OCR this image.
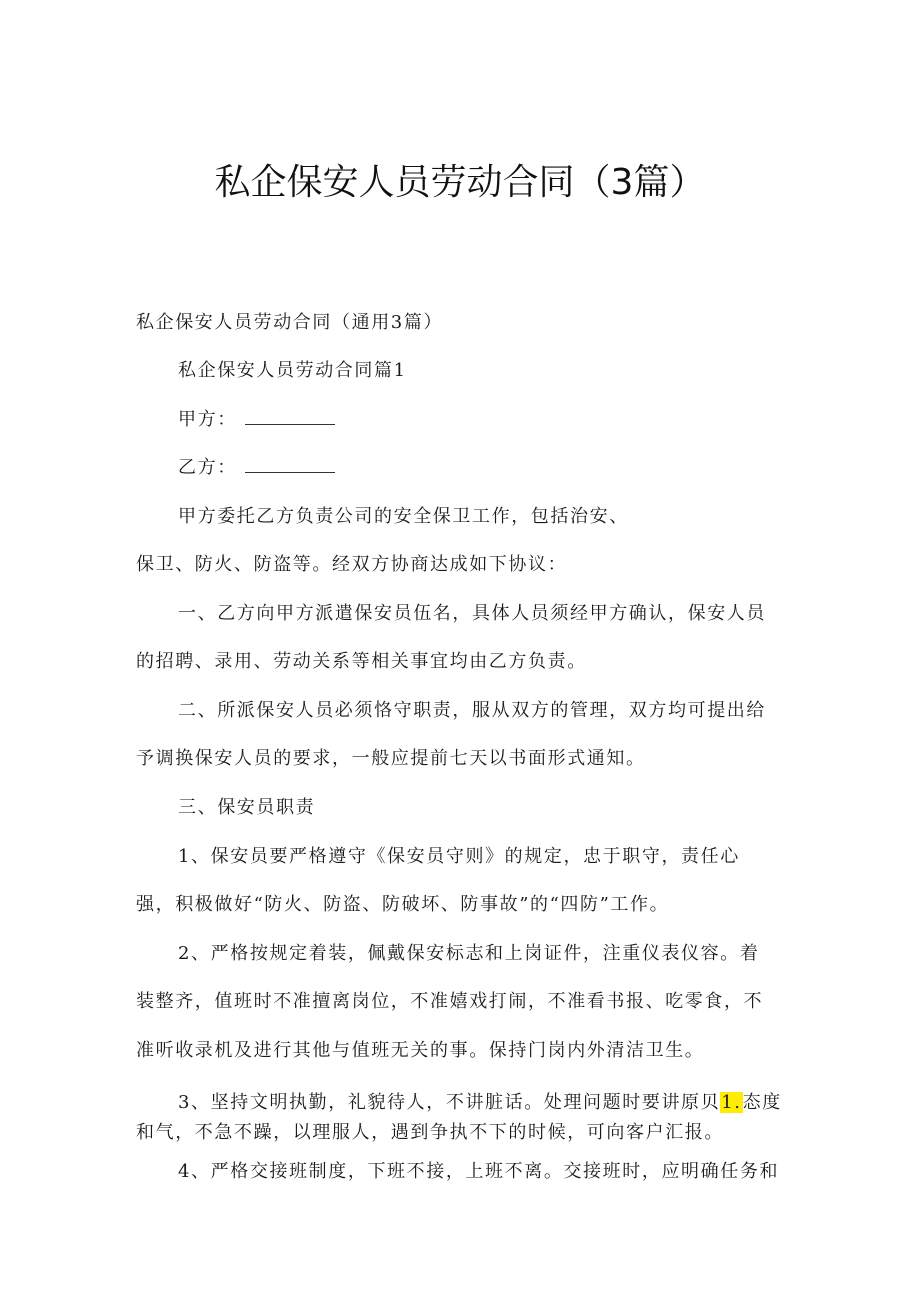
私企保安人员劳动合同（3篇）
私企保安人员劳动合同（通用3篇）
私企保安人员劳动合同篇1
甲方：
乙方：
甲方委托乙方负责公司的安全保卫工作，包括治安、
保卫、防火、防盗等。经双方协商达成如下协议：
一、乙方向甲方派遣保安员伍名，具体人员须经甲方确认，保安人员
的招聘、录用、劳动关系等相关事宜均由乙方负责。
二、所派保安人员必须恪守职责，服从双方的管理，双方均可提出给
予调换保安人员的要求，一般应提前七天以书面形式通知。
三、保安员职责
1、保安员要严格遵守《保安员守则》的规定，忠于职守，责任心
强，积极做好“防火、防盗、防破坏、防事故”的“四防”工作。
2、严格按规定着装，佩戴保安标志和上岗证件，注重仪表仪容。着
装整齐，值班时不准擅离岗位，不准嬉戏打闹，不准看书报、吃零食，不
准听收录机及进行其他与值班无关的事。保持门岗内外清洁卫生。
3、坚持文明执勤，礼貌待人，不讲脏话。处理问题时要讲原贝1.态度
和气，不急不躁，以理服人，遇到争执不下的时候，可向客户汇报。
4、严格交接班制度，下班不接，上班不离。交接班时，应明确任务和
